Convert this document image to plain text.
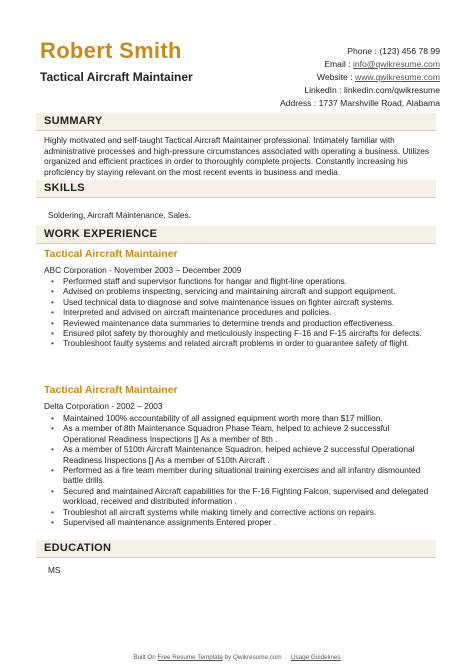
Robert Smith
Tactical Aircraft Maintainer
Phone : (123) 456 78 99
Email : info@qwikresume.com
Website : www.qwikresume.com
LinkedIn : linkedin.com/qwikresume
Address : 1737 Marshville Road, Alabama
SUMMARY
Highly motivated and self-taught Tactical Aircraft Maintainer professional. Intimately familiar with administrative processes and high-pressure circumstances associated with operating a business. Utilizes organized and efficient practices in order to thoroughly complete projects. Constantly increasing his proficiency by staying relevant on the most recent events in business and media.
SKILLS
Soldering, Aircraft Maintenance, Sales.
WORK EXPERIENCE
Tactical Aircraft Maintainer
ABC Corporation - November 2003 – December 2009
• Performed staff and supervisor functions for hangar and flight-line operations.
• Advised on problems inspecting, servicing and maintaining aircraft and support equipment.
• Used technical data to diagnose and solve maintenance issues on fighter aircraft systems.
• Interpreted and advised on aircraft maintenance procedures and policies.
• Reviewed maintenance data summaries to determine trends and production effectiveness.
• Ensured pilot safety by thoroughly and meticulously inspecting F-16 and F-15 aircrafts for defects.
• Troubleshoot faulty systems and related aircraft problems in order to guarantee safety of flight.
Tactical Aircraft Maintainer
Delta Corporation - 2002 – 2003
• Maintained 100% accountability of all assigned equipment worth more than $17 million.
• As a member of 8th Maintenance Squadron Phase Team, helped to achieve 2 successful Operational Readiness Inspections [] As a member of 8th .
• As a member of 510th Aircraft Maintenance Squadron, helped achieve 2 successful Operational Readiness Inspections [] As a member of 510th Aircraft .
• Performed as a fire team member during situational training exercises and all infantry dismounted battle drills.
• Secured and maintained Aircraft capabilities for the F-16 Fighting Falcon, supervised and delegated workload, received and distributed information .
• Troubleshot all aircraft systems while making timely and corrective actions on repairs.
• Supervised all maintenance assignments Entered proper .
EDUCATION
MS
Built On Free Resume Template by Qwikresume.com . Usage Guidelines
